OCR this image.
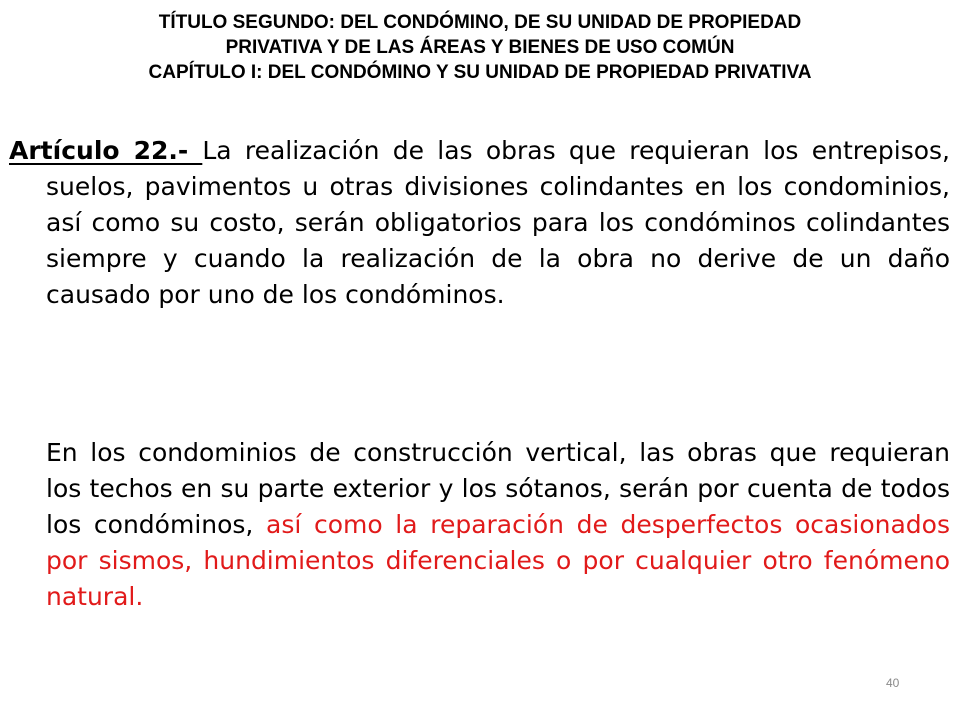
TÍTULO SEGUNDO: DEL CONDÓMINO, DE SU UNIDAD DE PROPIEDAD
PRIVATIVA Y DE LAS ÁREAS Y BIENES DE USO COMÚN
CAPÍTULO I: DEL CONDÓMINO Y SU UNIDAD DE PROPIEDAD PRIVATIVA
Artículo 22.- La realización de las obras que requieran los entrepisos, suelos, pavimentos u otras divisiones colindantes en los condominios, así como su costo, serán obligatorios para los condóminos colindantes siempre y cuando la realización de la obra no derive de un daño causado por uno de los condóminos.
En los condominios de construcción vertical, las obras que requieran los techos en su parte exterior y los sótanos, serán por cuenta de todos los condóminos, así como la reparación de desperfectos ocasionados por sismos, hundimientos diferenciales o por cualquier otro fenómeno natural.
40
